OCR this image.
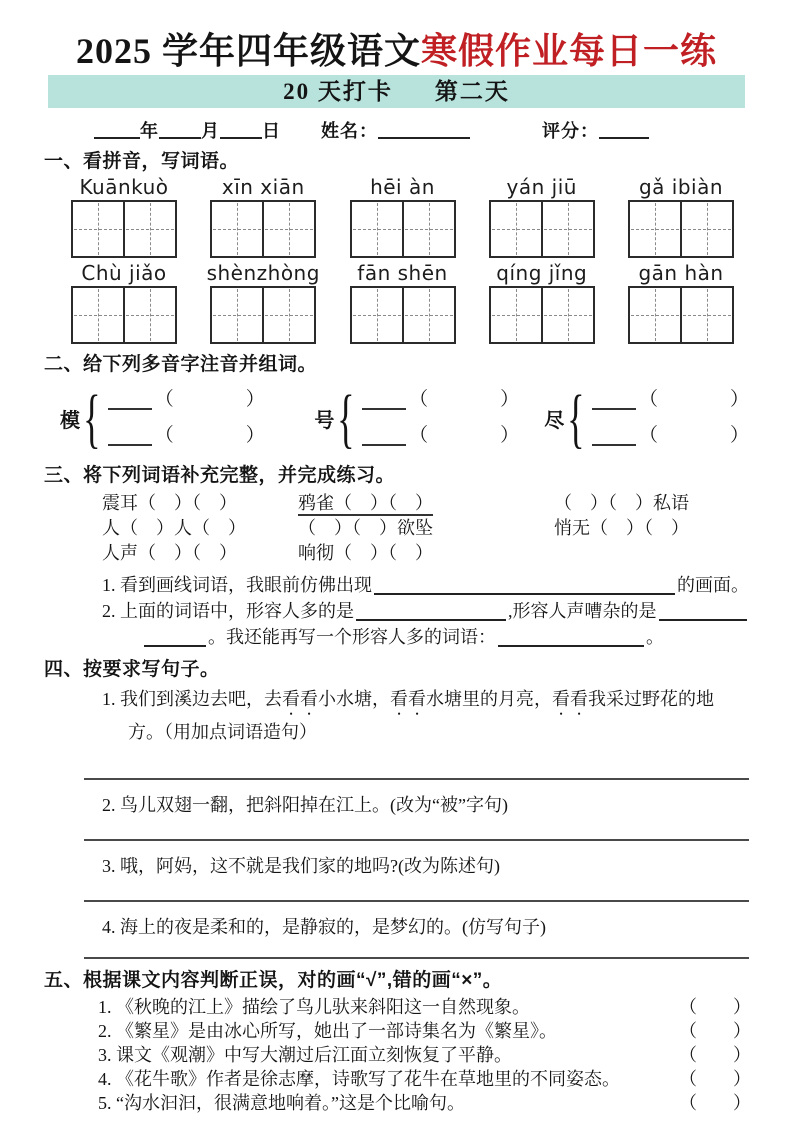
2025 学年四年级语文寒假作业每日一练
20 天打卡 第二天
年 月 日 姓名：	评分：
一、看拼音，写词语。
Kuānkuò	xīn xiān	hēi àn	yán jiū	gǎ ibiàn
Chù jiǎo	shènzhòng	fān shēn	qíng jǐng	gān hàn
二、给下列多音字注音并组词。
模 {	（	）
（	）
号 {	（	）
（	）
尽 {	（	）
（	）
三、将下列词语补充完整，并完成练习。
震耳（　）（　）	鸦雀（　）（　）	（　）（　）私语
人（　）人（　）	（　）（　）欲坠	悄无（　）（　）
人声（　）（　）	响彻（　）（　）
1. 看到画线词语，我眼前仿佛出现	的画面。
2. 上面的词语中，形容人多的是	,形容人声嘈杂的是
。我还能再写一个形容人多的词语：	。
四、按要求写句子。
1. 我们到溪边去吧，去看看小水塘，看看水塘里的月亮，看看我采过野花的地方。（用加点词语造句）
2. 鸟儿双翅一翻，把斜阳掉在江上。(改为“被”字句)
3. 哦，阿妈，这不就是我们家的地吗?(改为陈述句)
4. 海上的夜是柔和的，是静寂的，是梦幻的。(仿写句子)
五、根据课文内容判断正误，对的画“√”,错的画“×”。
1. 《秋晚的江上》描绘了鸟儿驮来斜阳这一自然现象。	（　　）
2. 《繁星》是由冰心所写，她出了一部诗集名为《繁星》。	（　　）
3. 课文《观潮》中写大潮过后江面立刻恢复了平静。	（　　）
4. 《花牛歌》作者是徐志摩，诗歌写了花牛在草地里的不同姿态。	（　　）
5. “沟水汩汩，很满意地响着。”这是个比喻句。	（　　）
